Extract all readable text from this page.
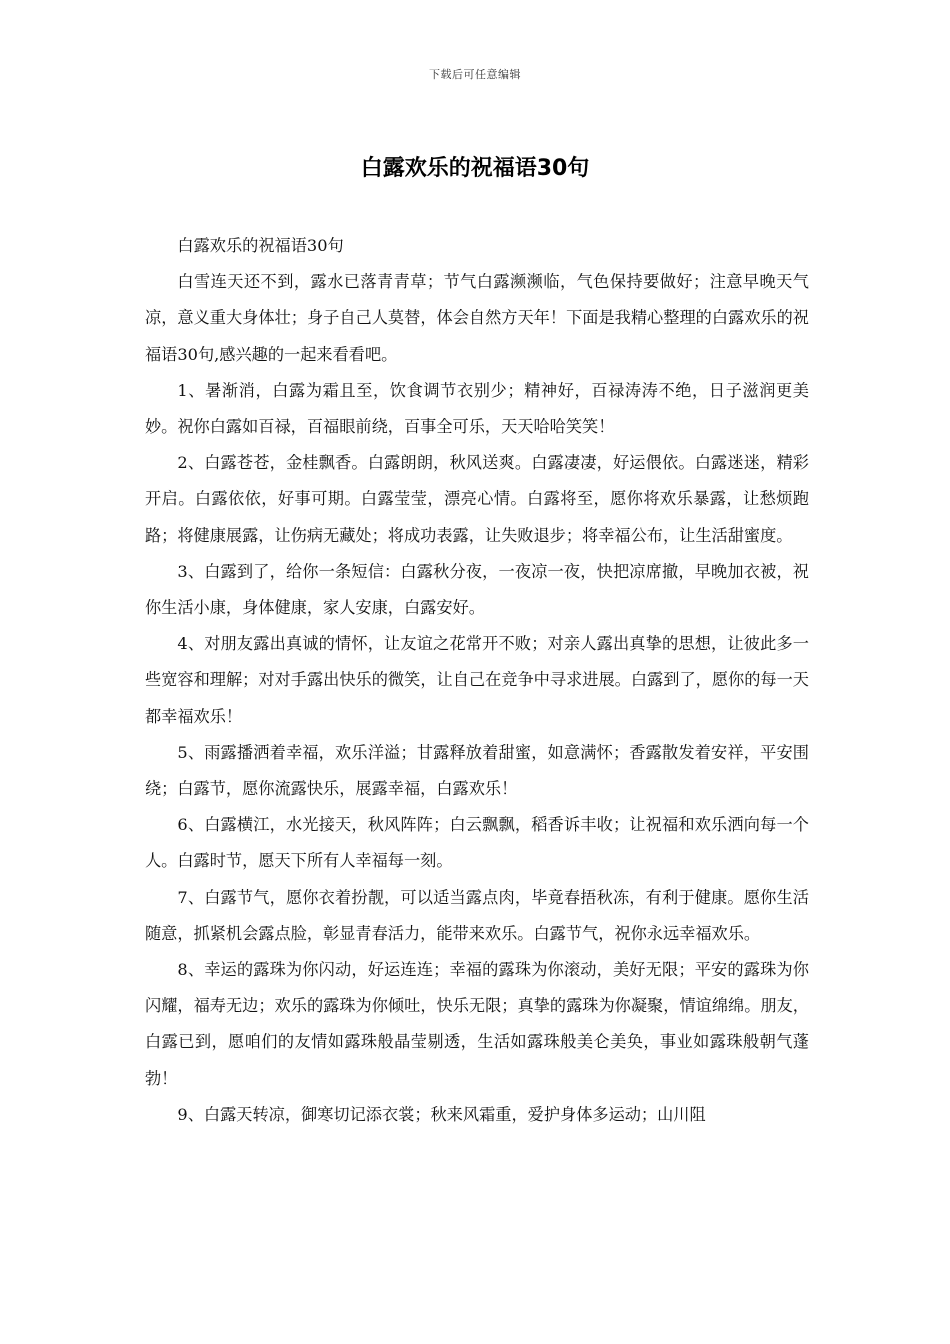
下载后可任意编辑
白露欢乐的祝福语30句

白露欢乐的祝福语30句

白雪连天还不到，露水已落青青草；节气白露濒濒临，气色保持要做好；注意早晚天气凉，意义重大身体壮；身子自己人莫替，体会自然方天年！下面是我精心整理的白露欢乐的祝福语30句,感兴趣的一起来看看吧。

1、暑渐消，白露为霜且至，饮食调节衣别少；精神好，百禄涛涛不绝，日子滋润更美妙。祝你白露如百禄，百福眼前绕，百事全可乐，天天哈哈笑笑！

2、白露苍苍，金桂飘香。白露朗朗，秋风送爽。白露凄凄，好运偎依。白露迷迷，精彩开启。白露依依，好事可期。白露莹莹，漂亮心情。白露将至，愿你将欢乐暴露，让愁烦跑路；将健康展露，让伤病无藏处；将成功表露，让失败退步；将幸福公布，让生活甜蜜度。

3、白露到了，给你一条短信：白露秋分夜，一夜凉一夜，快把凉席撤，早晚加衣被，祝你生活小康，身体健康，家人安康，白露安好。

4、对朋友露出真诚的情怀，让友谊之花常开不败；对亲人露出真挚的思想，让彼此多一些宽容和理解；对对手露出快乐的微笑，让自己在竞争中寻求进展。白露到了，愿你的每一天都幸福欢乐！

5、雨露播洒着幸福，欢乐洋溢；甘露释放着甜蜜，如意满怀；香露散发着安祥，平安围绕；白露节，愿你流露快乐，展露幸福，白露欢乐！

6、白露横江，水光接天，秋风阵阵；白云飘飘，稻香诉丰收；让祝福和欢乐洒向每一个人。白露时节，愿天下所有人幸福每一刻。

7、白露节气，愿你衣着扮靓，可以适当露点肉，毕竟春捂秋冻，有利于健康。愿你生活随意，抓紧机会露点脸，彰显青春活力，能带来欢乐。白露节气，祝你永远幸福欢乐。

8、幸运的露珠为你闪动，好运连连；幸福的露珠为你滚动，美好无限；平安的露珠为你闪耀，福寿无边；欢乐的露珠为你倾吐，快乐无限；真挚的露珠为你凝聚，情谊绵绵。朋友，白露已到，愿咱们的友情如露珠般晶莹剔透，生活如露珠般美仑美奂，事业如露珠般朝气蓬勃！

9、白露天转凉，御寒切记添衣裳；秋来风霜重，爱护身体多运动；山川阻
